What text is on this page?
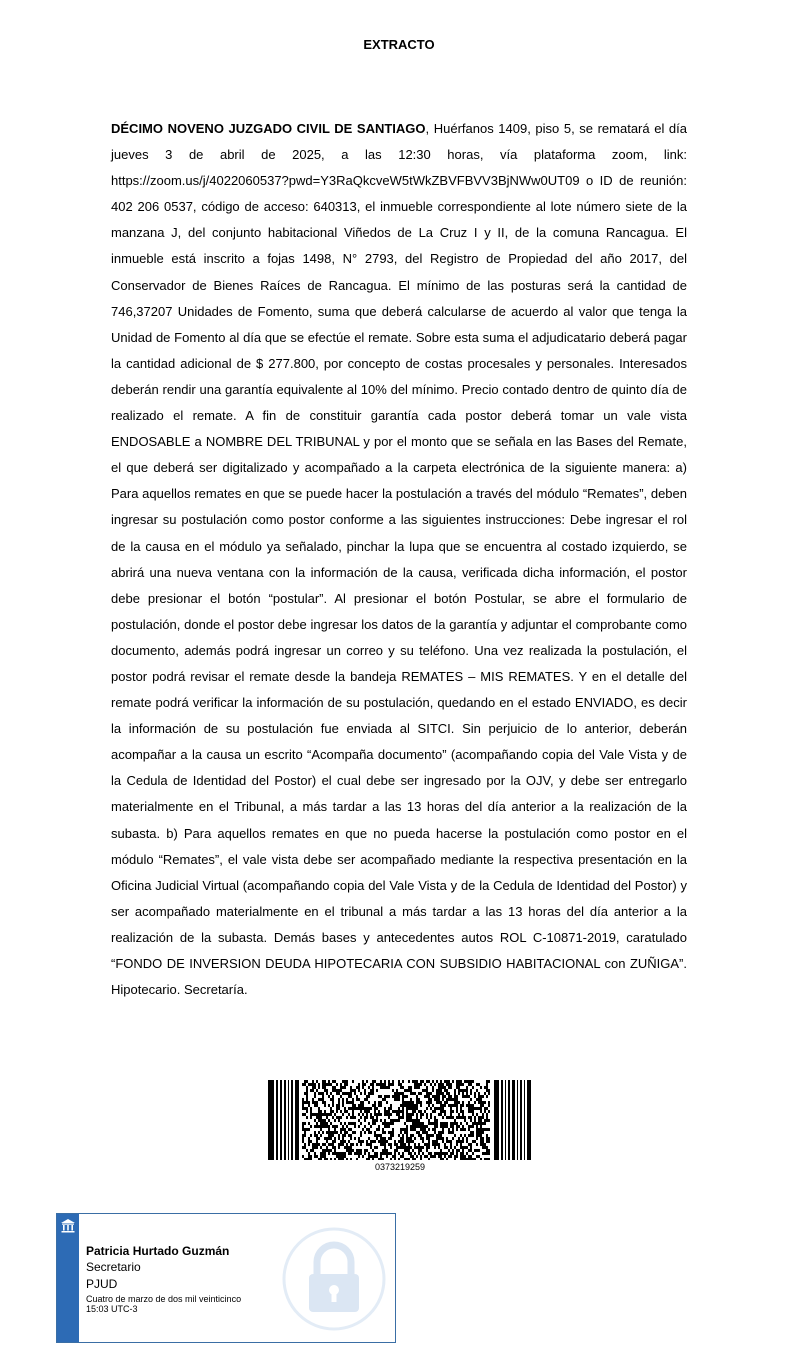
EXTRACTO
DÉCIMO NOVENO JUZGADO CIVIL DE SANTIAGO, Huérfanos 1409, piso 5, se rematará el día jueves 3 de abril de 2025, a las 12:30 horas, vía plataforma zoom, link: https://zoom.us/j/4022060537?pwd=Y3RaQkcveW5tWkZBVFBVV3BjNWw0UT09 o ID de reunión: 402 206 0537, código de acceso: 640313, el inmueble correspondiente al lote número siete de la manzana J, del conjunto habitacional Viñedos de La Cruz I y II, de la comuna Rancagua. El inmueble está inscrito a fojas 1498, N° 2793, del Registro de Propiedad del año 2017, del Conservador de Bienes Raíces de Rancagua. El mínimo de las posturas será la cantidad de 746,37207 Unidades de Fomento, suma que deberá calcularse de acuerdo al valor que tenga la Unidad de Fomento al día que se efectúe el remate. Sobre esta suma el adjudicatario deberá pagar la cantidad adicional de $ 277.800, por concepto de costas procesales y personales. Interesados deberán rendir una garantía equivalente al 10% del mínimo. Precio contado dentro de quinto día de realizado el remate. A fin de constituir garantía cada postor deberá tomar un vale vista ENDOSABLE a NOMBRE DEL TRIBUNAL y por el monto que se señala en las Bases del Remate, el que deberá ser digitalizado y acompañado a la carpeta electrónica de la siguiente manera: a) Para aquellos remates en que se puede hacer la postulación a través del módulo “Remates”, deben ingresar su postulación como postor conforme a las siguientes instrucciones: Debe ingresar el rol de la causa en el módulo ya señalado, pinchar la lupa que se encuentra al costado izquierdo, se abrirá una nueva ventana con la información de la causa, verificada dicha información, el postor debe presionar el botón “postular”. Al presionar el botón Postular, se abre el formulario de postulación, donde el postor debe ingresar los datos de la garantía y adjuntar el comprobante como documento, además podrá ingresar un correo y su teléfono. Una vez realizada la postulación, el postor podrá revisar el remate desde la bandeja REMATES – MIS REMATES. Y en el detalle del remate podrá verificar la información de su postulación, quedando en el estado ENVIADO, es decir la información de su postulación fue enviada al SITCI. Sin perjuicio de lo anterior, deberán acompañar a la causa un escrito “Acompaña documento” (acompañando copia del Vale Vista y de la Cedula de Identidad del Postor) el cual debe ser ingresado por la OJV, y debe ser entregarlo materialmente en el Tribunal, a más tardar a las 13 horas del día anterior a la realización de la subasta. b) Para aquellos remates en que no pueda hacerse la postulación como postor en el módulo “Remates”, el vale vista debe ser acompañado mediante la respectiva presentación en la Oficina Judicial Virtual (acompañando copia del Vale Vista y de la Cedula de Identidad del Postor) y ser acompañado materialmente en el tribunal a más tardar a las 13 horas del día anterior a la realización de la subasta. Demás bases y antecedentes autos ROL C-10871-2019, caratulado “FONDO DE INVERSION DEUDA HIPOTECARIA CON SUBSIDIO HABITACIONAL con ZUÑIGA”. Hipotecario. Secretaría.
0373219259
Patricia Hurtado Guzmán
Secretario
PJUD
Cuatro de marzo de dos mil veinticinco
15:03 UTC-3
